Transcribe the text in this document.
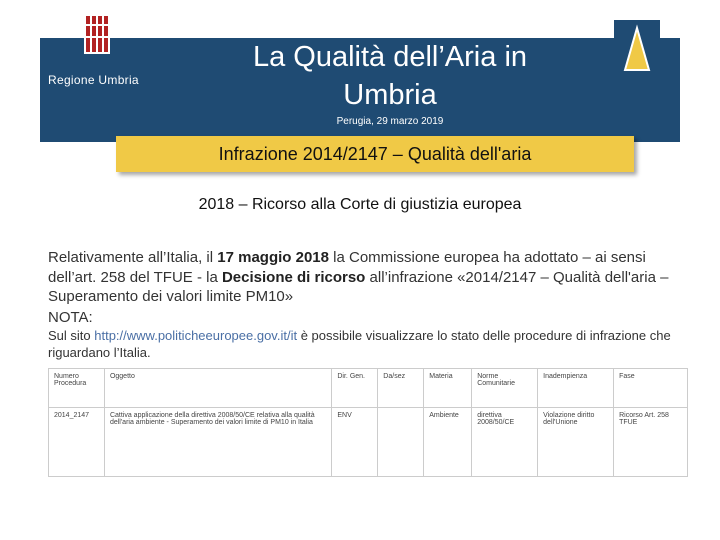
Regione Umbria
La Qualità dell’Aria in
Umbria
Perugia, 29 marzo 2019
Infrazione 2014/2147 – Qualità dell'aria
2018 – Ricorso alla Corte di giustizia europea
Relativamente all’Italia, il 17 maggio 2018 la Commissione europea ha adottato – ai sensi dell’art. 258 del TFUE - la Decisione di ricorso all’infrazione «2014/2147 – Qualità dell'aria – Superamento dei valori limite PM10»
NOTA:
Sul sito http://www.politicheeuropee.gov.it/it è possibile visualizzare lo stato delle procedure di infrazione che riguardano l’Italia.
Numero Procedura	Oggetto	Dir. Gen.	Da/sez	Materia	Norme Comunitarie	Inadempienza	Fase
2014_2147	Cattiva applicazione della direttiva 2008/50/CE relativa alla qualità dell'aria ambiente - Superamento dei valori limite di PM10 in Italia	ENV		Ambiente	direttiva 2008/50/CE	Violazione diritto dell'Unione	Ricorso Art. 258 TFUE
